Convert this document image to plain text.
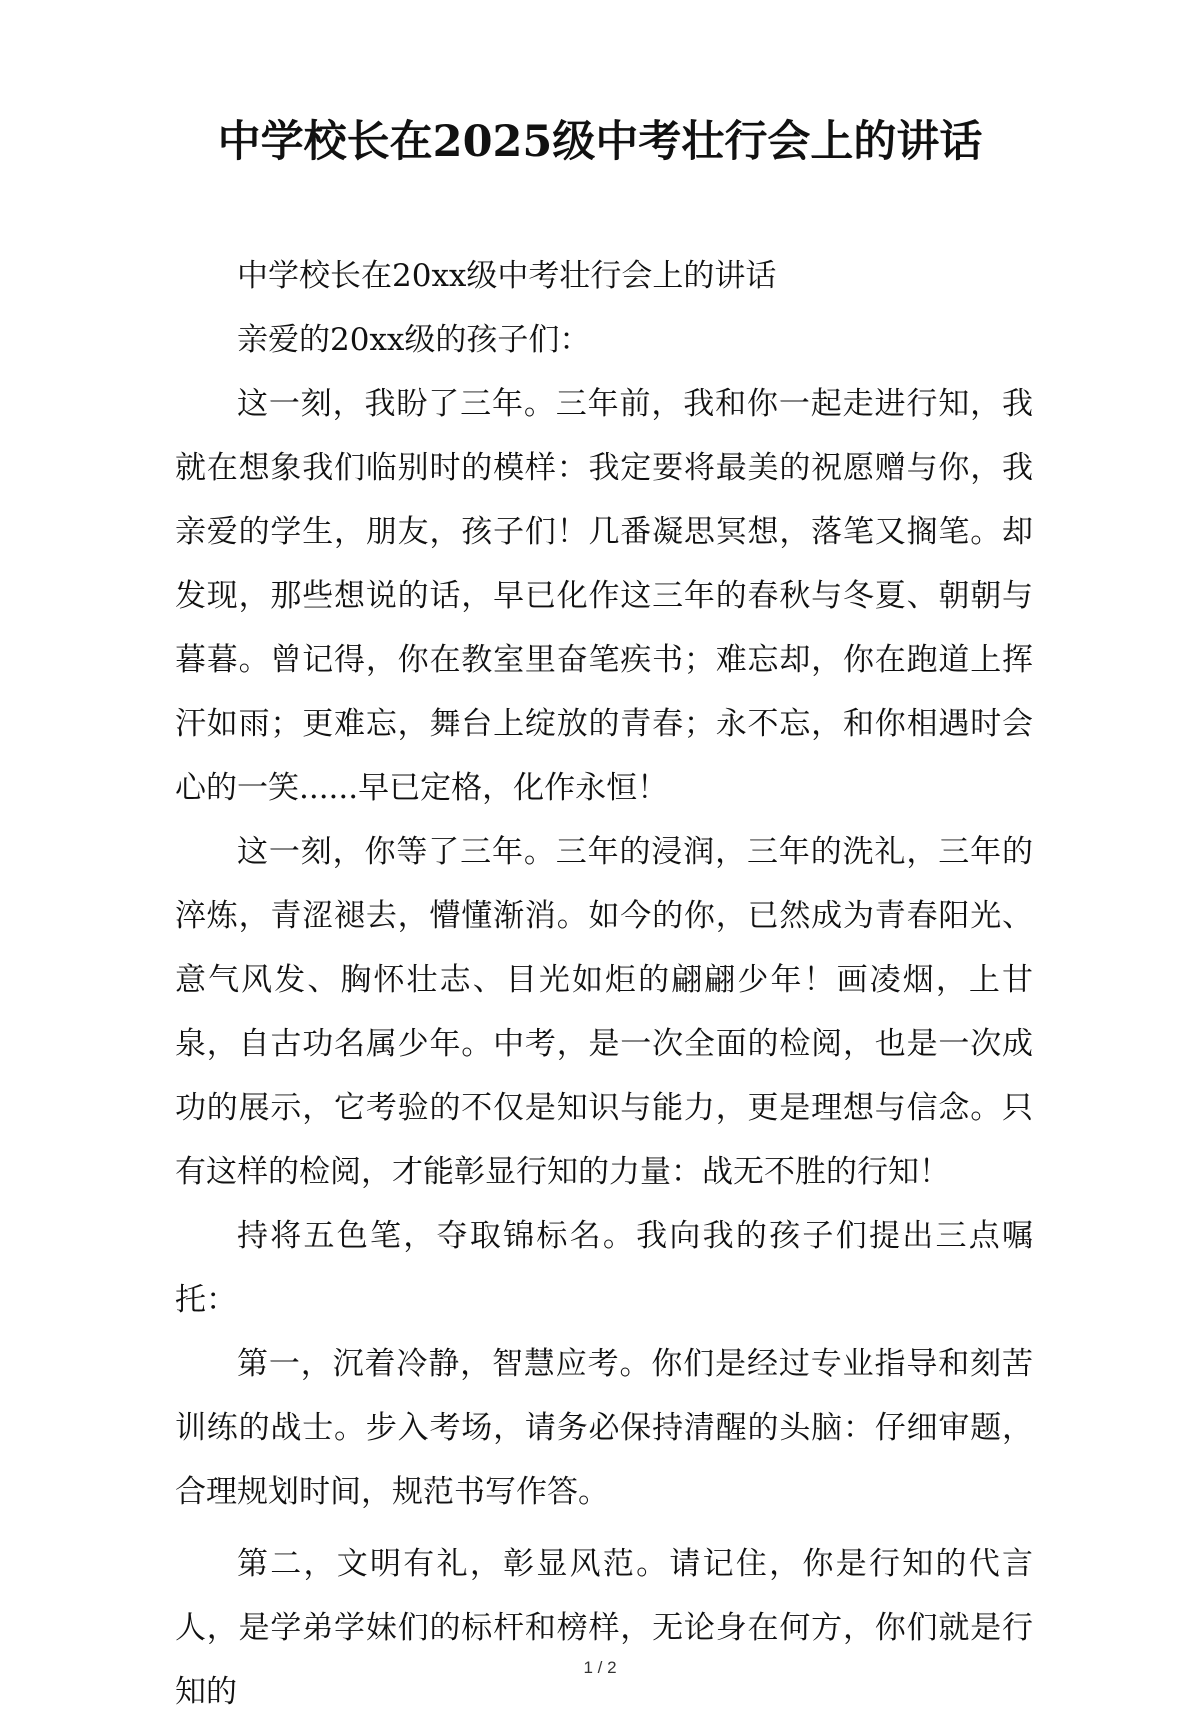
中学校长在2025级中考壮行会上的讲话

中学校长在20xx级中考壮行会上的讲话

亲爱的20xx级的孩子们：

这一刻，我盼了三年。三年前，我和你一起走进行知，我就在想象我们临别时的模样：我定要将最美的祝愿赠与你，我亲爱的学生，朋友，孩子们！几番凝思冥想，落笔又搁笔。却发现，那些想说的话，早已化作这三年的春秋与冬夏、朝朝与暮暮。曾记得，你在教室里奋笔疾书；难忘却，你在跑道上挥汗如雨；更难忘，舞台上绽放的青春；永不忘，和你相遇时会心的一笑......早已定格，化作永恒！

这一刻，你等了三年。三年的浸润，三年的洗礼，三年的淬炼，青涩褪去，懵懂渐消。如今的你，已然成为青春阳光、意气风发、胸怀壮志、目光如炬的翩翩少年！画凌烟，上甘泉，自古功名属少年。中考，是一次全面的检阅，也是一次成功的展示，它考验的不仅是知识与能力，更是理想与信念。只有这样的检阅，才能彰显行知的力量：战无不胜的行知！

持将五色笔，夺取锦标名。我向我的孩子们提出三点嘱托：

第一，沉着冷静，智慧应考。你们是经过专业指导和刻苦训练的战士。步入考场，请务必保持清醒的头脑：仔细审题，合理规划时间，规范书写作答。

第二，文明有礼，彰显风范。请记住，你是行知的代言人，是学弟学妹们的标杆和榜样，无论身在何方，你们就是行知的

1 / 2
